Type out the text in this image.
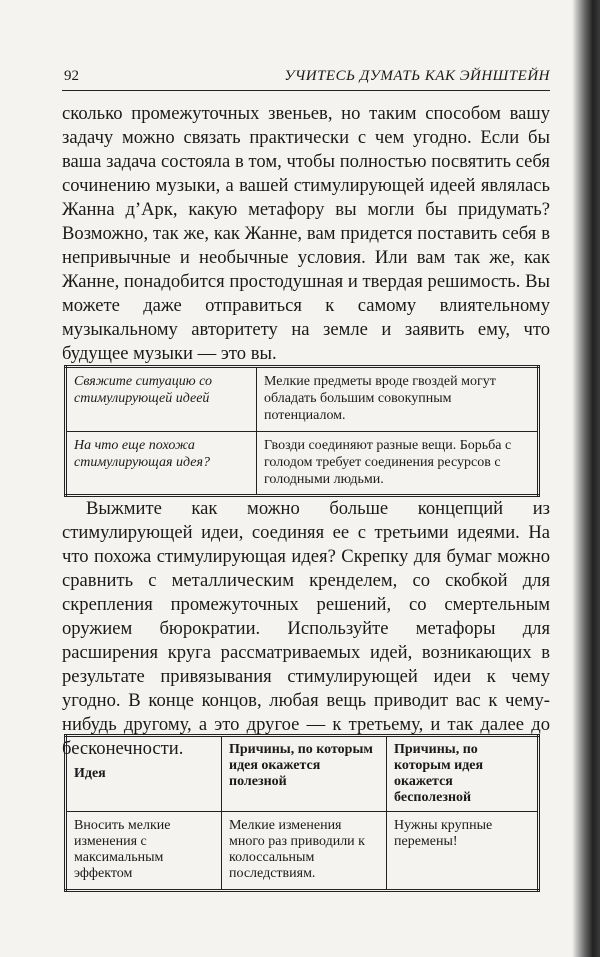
92	УЧИТЕСЬ ДУМАТЬ КАК ЭЙНШТЕЙН

сколько промежуточных звеньев, но таким способом вашу задачу можно связать практически с чем угодно. Если бы ваша задача состояла в том, чтобы полностью посвятить себя сочинению музыки, а вашей стимулирующей идеей являлась Жанна д’Арк, какую метафору вы могли бы придумать? Возможно, так же, как Жанне, вам придется поставить себя в непривычные и необычные условия. Или вам так же, как Жанне, понадобится простодушная и твердая решимость. Вы можете даже отправиться к самому влиятельному музыкальному авторитету на земле и заявить ему, что будущее музыки — это вы.

Свяжите ситуацию со стимулирующей идеей	Мелкие предметы вроде гвоздей могут обладать большим совокупным потенциалом.
На что еще похожа стимулирующая идея?	Гвозди соединяют разные вещи. Борьба с голодом требует соединения ресурсов с голодными людьми.

Выжмите как можно больше концепций из стимулирующей идеи, соединяя ее с третьими идеями. На что похожа стимулирующая идея? Скрепку для бумаг можно сравнить с металлическим кренделем, со скобкой для скрепления промежуточных решений, со смертельным оружием бюрократии. Используйте метафоры для расширения круга рассматриваемых идей, возникающих в результате привязывания стимулирующей идеи к чему угодно. В конце концов, любая вещь приводит вас к чему-нибудь другому, а это другое — к третьему, и так далее до бесконечности.

Идея	Причины, по которым идея окажется полезной	Причины, по которым идея окажется бесполезной
Вносить мелкие изменения с максимальным эффектом	Мелкие изменения много раз приводили к колоссальным последствиям.	Нужны крупные перемены!
